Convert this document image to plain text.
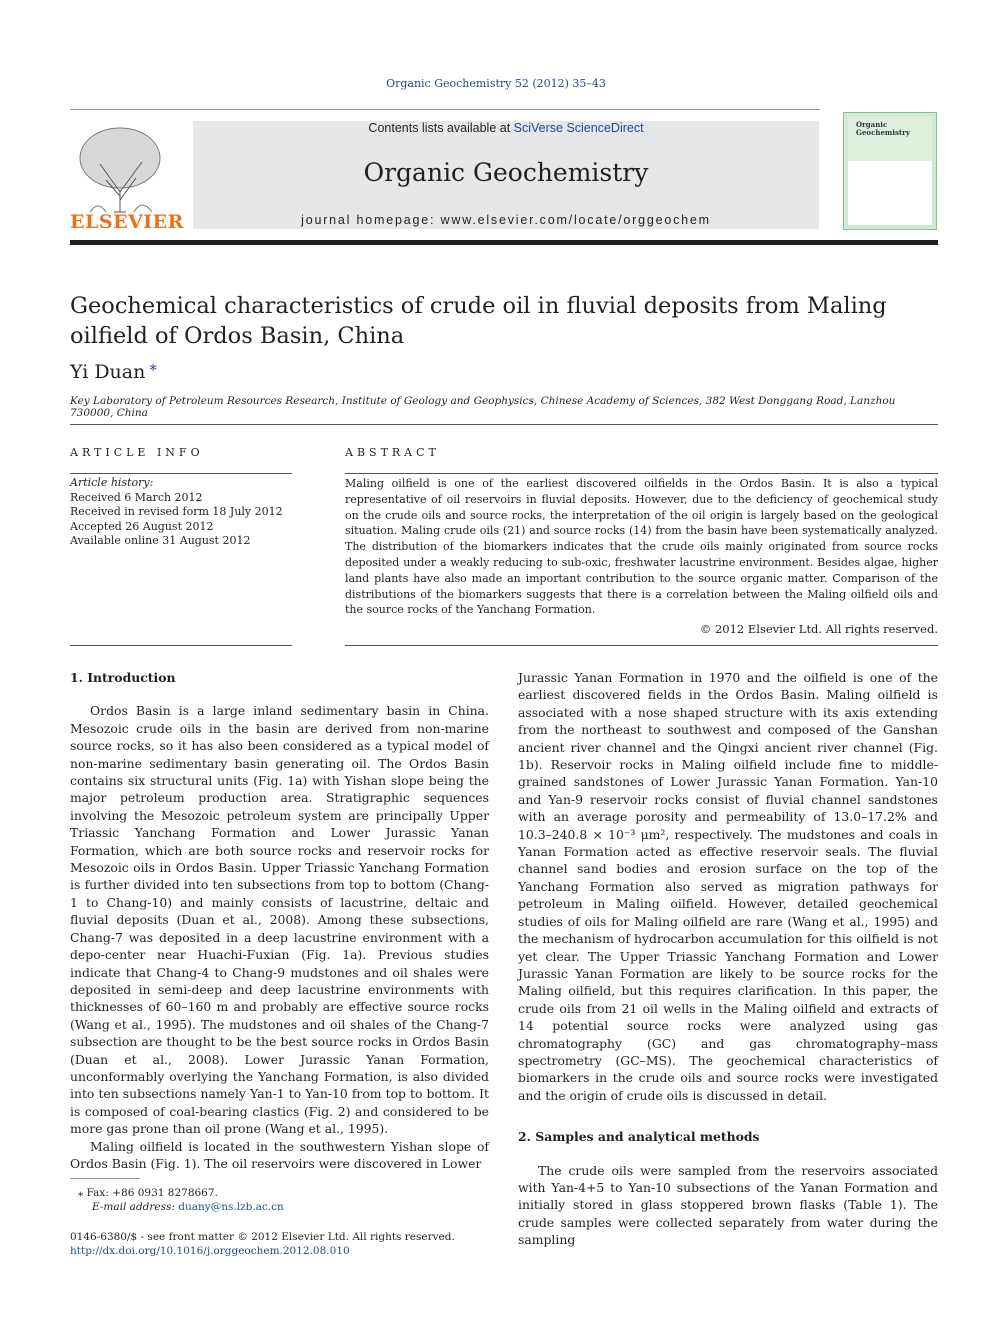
Organic Geochemistry 52 (2012) 35–43
ELSEVIER
Contents lists available at SciVerse ScienceDirect
Organic Geochemistry
journal homepage: www.elsevier.com/locate/orggeochem
Organic Geochemistry
Geochemical characteristics of crude oil in fluvial deposits from Maling oilfield of Ordos Basin, China
Yi Duan *
Key Laboratory of Petroleum Resources Research, Institute of Geology and Geophysics, Chinese Academy of Sciences, 382 West Donggang Road, Lanzhou 730000, China
ARTICLE INFO
Article history:
Received 6 March 2012
Received in revised form 18 July 2012
Accepted 26 August 2012
Available online 31 August 2012
ABSTRACT
Maling oilfield is one of the earliest discovered oilfields in the Ordos Basin. It is also a typical representative of oil reservoirs in fluvial deposits. However, due to the deficiency of geochemical study on the crude oils and source rocks, the interpretation of the oil origin is largely based on the geological situation. Maling crude oils (21) and source rocks (14) from the basin have been systematically analyzed. The distribution of the biomarkers indicates that the crude oils mainly originated from source rocks deposited under a weakly reducing to sub-oxic, freshwater lacustrine environment. Besides algae, higher land plants have also made an important contribution to the source organic matter. Comparison of the distributions of the biomarkers suggests that there is a correlation between the Maling oilfield oils and the source rocks of the Yanchang Formation.
© 2012 Elsevier Ltd. All rights reserved.
1. Introduction

Ordos Basin is a large inland sedimentary basin in China. Mesozoic crude oils in the basin are derived from non-marine source rocks, so it has also been considered as a typical model of non-marine sedimentary basin generating oil. The Ordos Basin contains six structural units (Fig. 1a) with Yishan slope being the major petroleum production area. Stratigraphic sequences involving the Mesozoic petroleum system are principally Upper Triassic Yanchang Formation and Lower Jurassic Yanan Formation, which are both source rocks and reservoir rocks for Mesozoic oils in Ordos Basin. Upper Triassic Yanchang Formation is further divided into ten subsections from top to bottom (Chang-1 to Chang-10) and mainly consists of lacustrine, deltaic and fluvial deposits (Duan et al., 2008). Among these subsections, Chang-7 was deposited in a deep lacustrine environment with a depo-center near Huachi-Fuxian (Fig. 1a). Previous studies indicate that Chang-4 to Chang-9 mudstones and oil shales were deposited in semi-deep and deep lacustrine environments with thicknesses of 60–160 m and probably are effective source rocks (Wang et al., 1995). The mudstones and oil shales of the Chang-7 subsection are thought to be the best source rocks in Ordos Basin (Duan et al., 2008). Lower Jurassic Yanan Formation, unconformably overlying the Yanchang Formation, is also divided into ten subsections namely Yan-1 to Yan-10 from top to bottom. It is composed of coal-bearing clastics (Fig. 2) and considered to be more gas prone than oil prone (Wang et al., 1995).

Maling oilfield is located in the southwestern Yishan slope of Ordos Basin (Fig. 1). The oil reservoirs were discovered in Lower

Jurassic Yanan Formation in 1970 and the oilfield is one of the earliest discovered fields in the Ordos Basin. Maling oilfield is associated with a nose shaped structure with its axis extending from the northeast to southwest and composed of the Ganshan ancient river channel and the Qingxi ancient river channel (Fig. 1b). Reservoir rocks in Maling oilfield include fine to middle-grained sandstones of Lower Jurassic Yanan Formation. Yan-10 and Yan-9 reservoir rocks consist of fluvial channel sandstones with an average porosity and permeability of 13.0–17.2% and 10.3–240.8 × 10⁻³ μm², respectively. The mudstones and coals in Yanan Formation acted as effective reservoir seals. The fluvial channel sand bodies and erosion surface on the top of the Yanchang Formation also served as migration pathways for petroleum in Maling oilfield. However, detailed geochemical studies of oils for Maling oilfield are rare (Wang et al., 1995) and the mechanism of hydrocarbon accumulation for this oilfield is not yet clear. The Upper Triassic Yanchang Formation and Lower Jurassic Yanan Formation are likely to be source rocks for the Maling oilfield, but this requires clarification. In this paper, the crude oils from 21 oil wells in the Maling oilfield and extracts of 14 potential source rocks were analyzed using gas chromatography (GC) and gas chromatography–mass spectrometry (GC–MS). The geochemical characteristics of biomarkers in the crude oils and source rocks were investigated and the origin of crude oils is discussed in detail.

2. Samples and analytical methods

The crude oils were sampled from the reservoirs associated with Yan-4+5 to Yan-10 subsections of the Yanan Formation and initially stored in glass stoppered brown flasks (Table 1). The crude samples were collected separately from water during the sampling

⁎ Fax: +86 0931 8278667.
E-mail address: duany@ns.lzb.ac.cn
0146-6380/$ - see front matter © 2012 Elsevier Ltd. All rights reserved.
http://dx.doi.org/10.1016/j.orggeochem.2012.08.010
